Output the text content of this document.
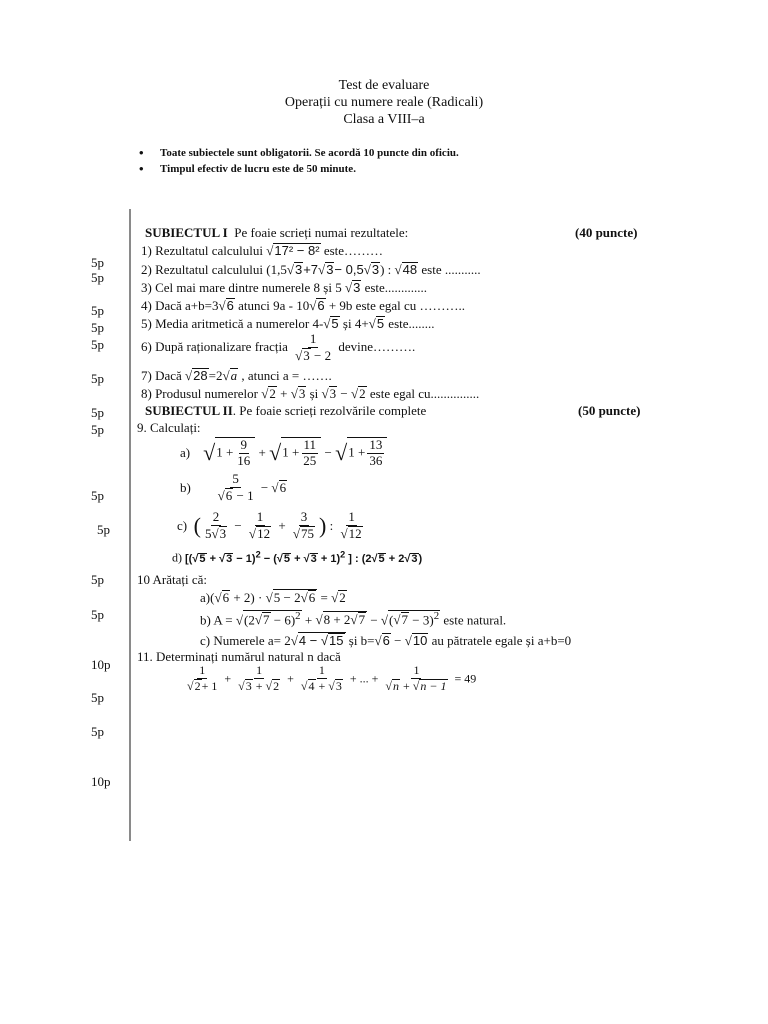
Test de evaluare
Operații cu numere reale (Radicali)
Clasa a VIII–a
• Toate subiectele sunt obligatorii. Se acordă 10 puncte din oficiu.
• Timpul efectiv de lucru este de 50 minute.
5p
5p
5p
5p
5p
5p
5p
5p
5p
5p
5p
5p
10p
5p
5p
10p
SUBIECTUL I Pe foaie scrieți numai rezultatele:	(40 puncte)
1) Rezultatul calculului √17² − 8² este………
2) Rezultatul calculului (1,5√3+7√3− 0,5√3) : √48 este ...........
3) Cel mai mare dintre numerele 8 și 5 √3 este.............
4) Dacă a+b=3√6 atunci 9a - 10√6 + 9b este egal cu ………..
5) Media aritmetică a numerelor 4-√5 și 4+√5 este........
6) După raționalizare fracția $\frac{1}{√3 - 2}$ devine……….
7) Dacă √28=2√a , atunci a = …….
8) Produsul numerelor √2 + √3 și √3 − √2 este egal cu...............
SUBIECTUL II. Pe foaie scrieți rezolvările complete	(50 puncte)
9. Calculați:
a) $√1 + \frac{9}{16} + √1 + \frac{11}{25} - √1 + \frac{13}{36}$
$b) \frac{5}{√6 - 1} - √6$
c) ( $\frac{2}{5√3} - \frac{1}{√12} + \frac{3}{√75}$ ) : $\frac{1}{√12}$
d) [$(√5 + √3 - 1)^2 - (√5 + √3 + 1)^2$ ] : (2√5 + 2√3)
10 Arătați că:
a)(√6 + 2) · √5 − 2√6 = √2
b) $A = √(2√7 - 6)^2 + √8 + 2√7 - √(√7 - 3)^2$ este natural.
c) Numerele a= 2√4 − √15 și b=√6 − √10 au pătratele egale și a+b=0
11. Determinați numărul natural n dacă
$\frac{1}{√2+ 1} + \frac{1}{√3 + √2} + \frac{1}{√4 + √3}$ + ... + $\frac{1}{√n + √n - 1} = 49$
